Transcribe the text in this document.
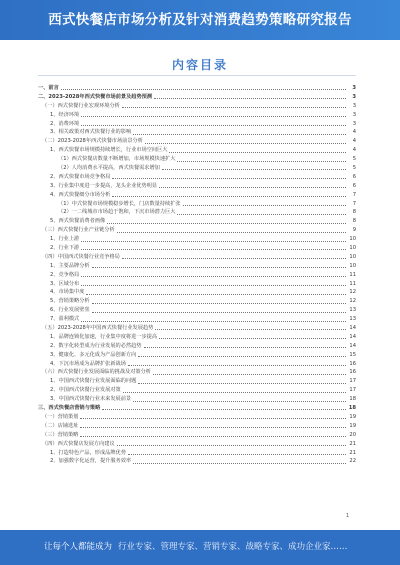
西式快餐店市场分析及针对消费趋势策略研究报告
内容目录
一、前言	3
二、2023-2028年西式快餐市场前景及趋势预测	3
（一）西式快餐行业宏观环境分析	3
1、经济环境	3
2、消费环境	3
3、相关政策对西式快餐行业的影响	4
（二）2023-2028年西式快餐市场前景分析	4
1、西式快餐市场规模持续增长，行业市场空间巨大	4
（1）西式快餐店数量不断增加，市场规模快速扩大	5
（2）人均消费水平提高，西式快餐需求增加	5
2、西式快餐市场竞争格局	6
3、行业集中度进一步提高，龙头企业优势明显	6
4、西式快餐细分市场分析	7
（1）中式快餐市场规模稳步增长，门店数量持续扩张	7
（2）一二线城市市场趋于饱和，下沉市场潜力巨大	8
5、西式快餐消费者画像	8
（三）西式快餐行业产业链分析	9
1、行业上游	10
2、行业下游	10
（四）中国西式快餐行业竞争格局	10
1、主要品牌分析	10
2、竞争格局	11
3、区域分布	11
4、市场集中度	12
5、营销策略分析	12
6、行业发展壁垒	13
7、盈利模式	13
（五）2023-2028年中国西式快餐行业发展趋势	14
1、品牌连锁化加速，行业集中度将进一步提高	14
2、数字化转型成为行业发展的必然趋势	14
3、健康化、多元化成为产品创新方向	15
4、下沉市场成为品牌扩张新战场	16
（六）西式快餐行业发展面临的挑战及对策分析	16
1、中国西式快餐行业发展面临的问题	17
2、中国西式快餐行业发展对策	17
3、中国西式快餐行业未来发展前景	18
三、西式快餐店营销与策略	18
（一）营销策划	19
（二）店铺选址	19
（三）营销策略	20
（四）西式快餐店发展方向建议	21
1、打造特色产品，形成品牌优势	21
2、加强数字化运营，提升服务效率	22
1
让每个人都能成为 行业专家、管理专家、营销专家、战略专家、成功企业家……
